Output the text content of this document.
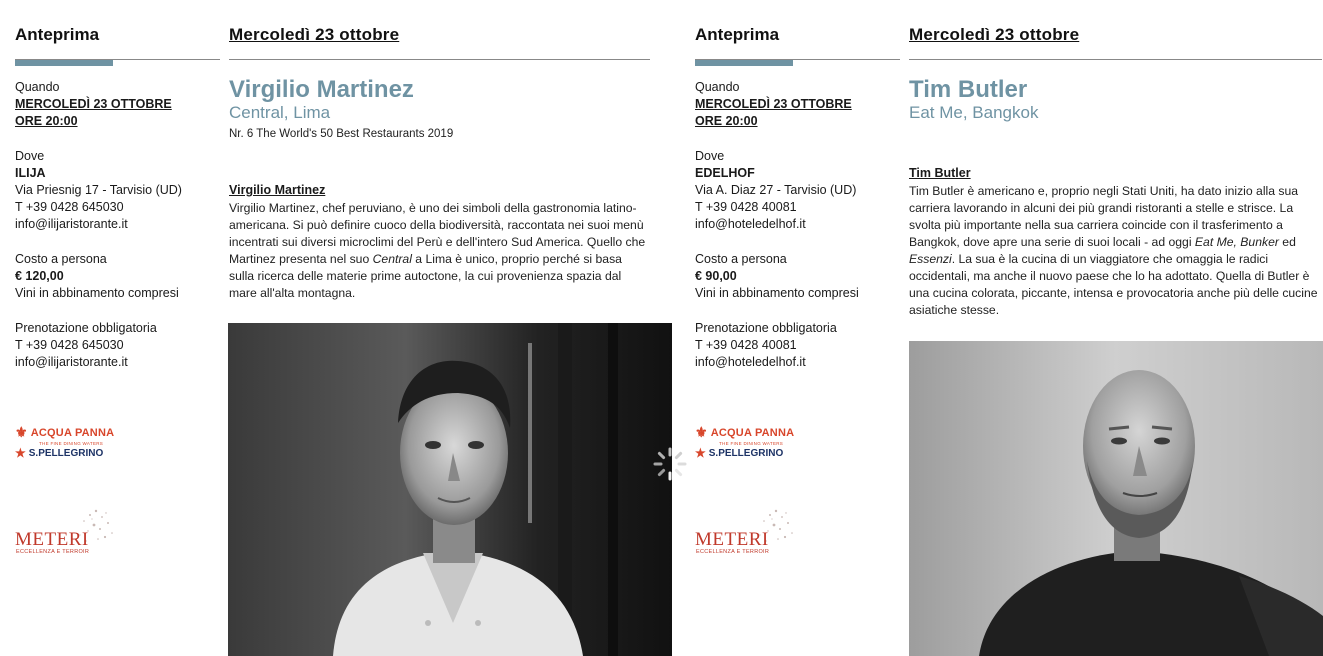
Anteprima
Quando
MERCOLEDÌ 23 OTTOBRE
ORE 20:00
Dove
ILIJA
Via Priesnig 17 - Tarvisio (UD)
T +39 0428 645030
info@ilijaristorante.it
Costo a persona
€ 120,00
Vini in abbinamento compresi
Prenotazione obbligatoria
T +39 0428 645030
info@ilijaristorante.it
⚜ ACQUA PANNA
THE FINE DINING WATERS
★ S.PELLEGRINO
METERI
ECCELLENZA E TERROIR
Mercoledì 23 ottobre
Virgilio Martinez
Central, Lima
Nr. 6 The World's 50 Best Restaurants 2019
Virgilio Martinez
Virgilio Martinez, chef peruviano, è uno dei simboli della gastronomia latino-americana. Si può definire cuoco della biodiversità, raccontata nei suoi menù incentrati sui diversi microclimi del Perù e dell'intero Sud America. Quello che Martinez presenta nel suo Central a Lima è unico, proprio perché si basa sulla ricerca delle materie prime autoctone, la cui provenienza spazia dal mare all'alta montagna.
Anteprima
Quando
MERCOLEDÌ 23 OTTOBRE
ORE 20:00
Dove
EDELHOF
Via A. Diaz 27 - Tarvisio (UD)
T +39 0428 40081
info@hoteledelhof.it
Costo a persona
€ 90,00
Vini in abbinamento compresi
Prenotazione obbligatoria
T +39 0428 40081
info@hoteledelhof.it
⚜ ACQUA PANNA
THE FINE DINING WATERS
★ S.PELLEGRINO
METERI
ECCELLENZA E TERROIR
Mercoledì 23 ottobre
Tim Butler
Eat Me, Bangkok
Tim Butler
Tim Butler è americano e, proprio negli Stati Uniti, ha dato inizio alla sua carriera lavorando in alcuni dei più grandi ristoranti a stelle e strisce. La svolta più importante nella sua carriera coincide con il trasferimento a Bangkok, dove apre una serie di suoi locali - ad oggi Eat Me, Bunker ed Essenzi. La sua è la cucina di un viaggiatore che omaggia le radici occidentali, ma anche il nuovo paese che lo ha adottato. Quella di Butler è una cucina colorata, piccante, intensa e provocatoria anche più delle cucine asiatiche stesse.
